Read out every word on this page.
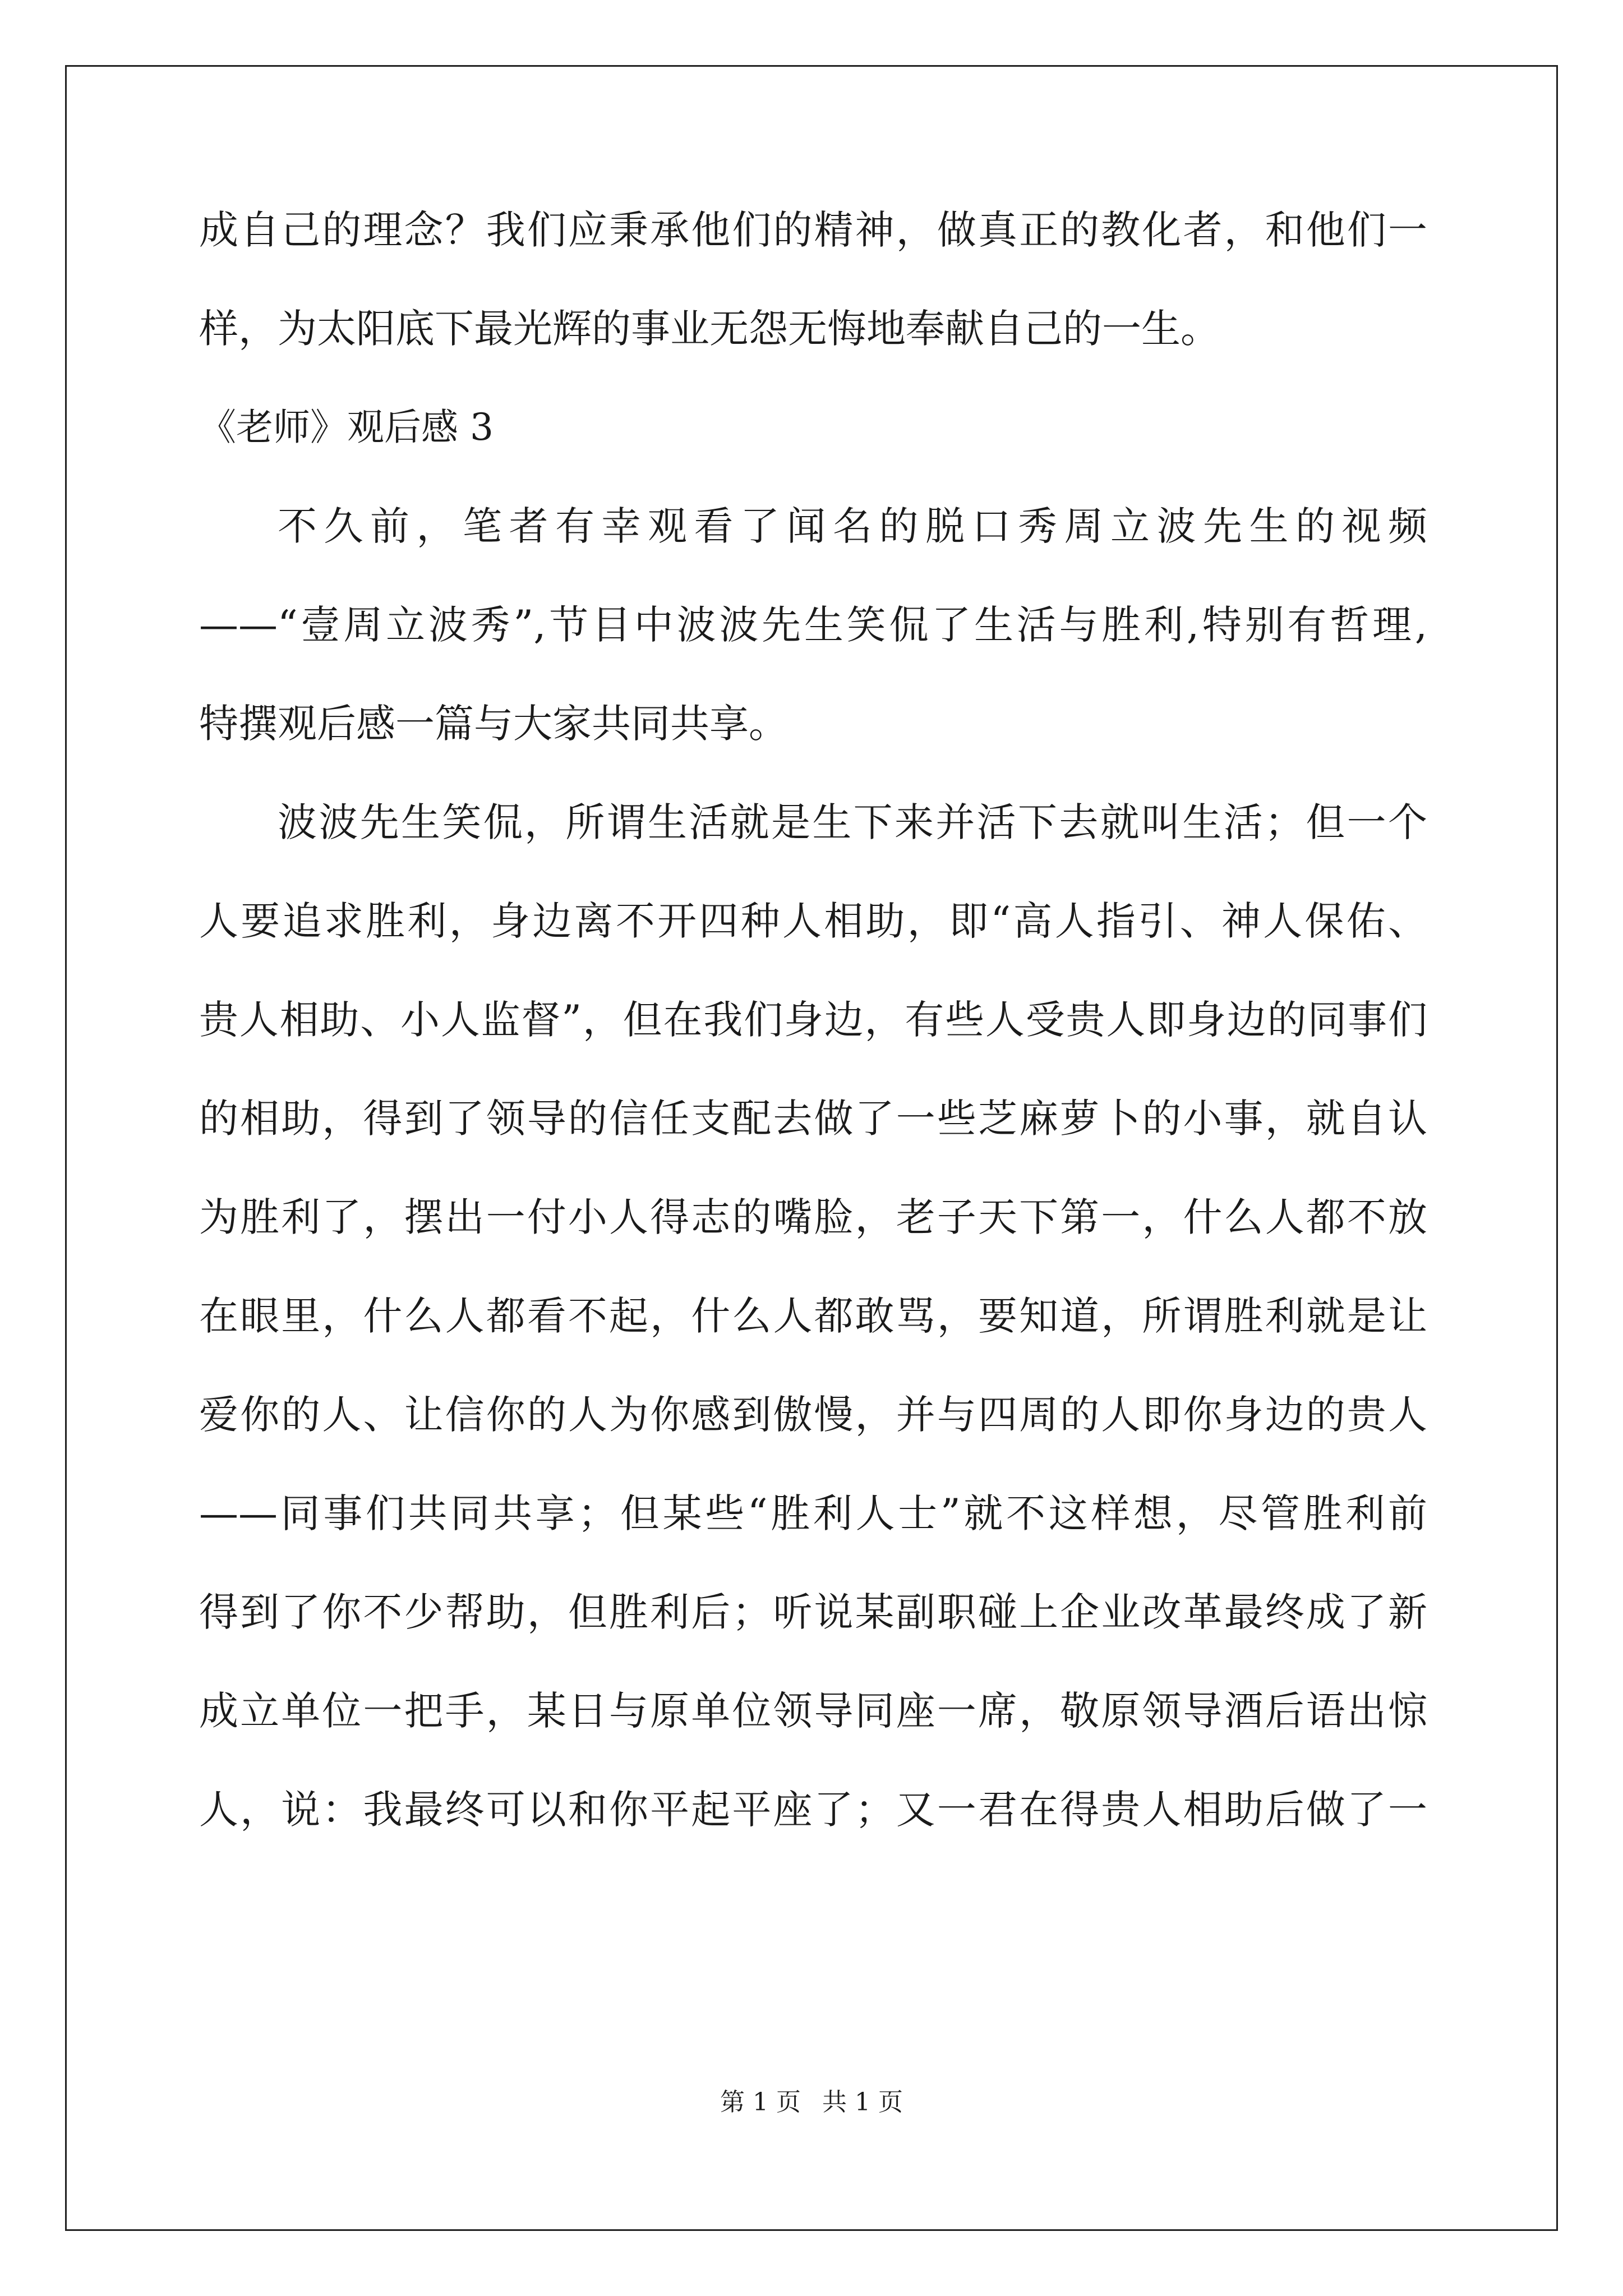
成自己的理念？我们应秉承他们的精神，做真正的教化者，和他们一
样，为太阳底下最光辉的事业无怨无悔地奉献自己的一生。
《老师》观后感 3
不久前，笔者有幸观看了闻名的脱口秀周立波先生的视频
——“壹周立波秀”,节目中波波先生笑侃了生活与胜利,特别有哲理,
特撰观后感一篇与大家共同共享。
波波先生笑侃，所谓生活就是生下来并活下去就叫生活；但一个
人要追求胜利，身边离不开四种人相助，即“高人指引、神人保佑、
贵人相助、小人监督”，但在我们身边，有些人受贵人即身边的同事们
的相助，得到了领导的信任支配去做了一些芝麻萝卜的小事，就自认
为胜利了，摆出一付小人得志的嘴脸，老子天下第一，什么人都不放
在眼里，什么人都看不起，什么人都敢骂，要知道，所谓胜利就是让
爱你的人、让信你的人为你感到傲慢，并与四周的人即你身边的贵人
——同事们共同共享；但某些“胜利人士”就不这样想，尽管胜利前
得到了你不少帮助，但胜利后；听说某副职碰上企业改革最终成了新
成立单位一把手，某日与原单位领导同座一席，敬原领导酒后语出惊
人，说：我最终可以和你平起平座了；又一君在得贵人相助后做了一
第 1 页 共 1 页
